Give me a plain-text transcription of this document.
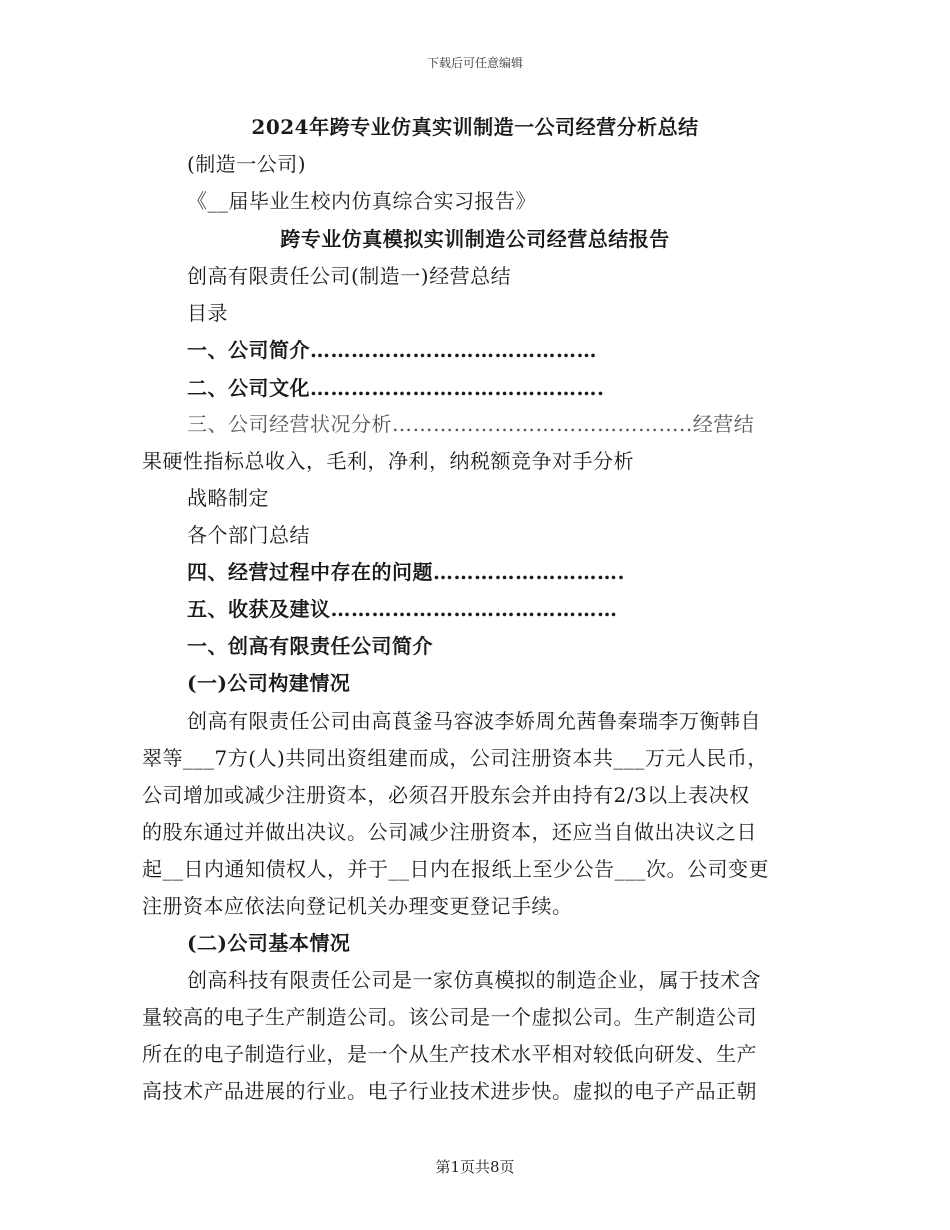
下载后可任意编辑
2024年跨专业仿真实训制造一公司经营分析总结
(制造一公司)
《__届毕业生校内仿真综合实习报告》
跨专业仿真模拟实训制造公司经营总结报告
创高有限责任公司(制造一)经营总结
目录
一、公司简介……………………………………
二、公司文化…………………………………….
三、公司经营状况分析……………………………………..经营结
果硬性指标总收入，毛利，净利，纳税额竞争对手分析
战略制定
各个部门总结
四、经营过程中存在的问题……………………….
五、收获及建议……………………………………
一、创高有限责任公司简介
(一)公司构建情况
创高有限责任公司由高莨釜马容波李娇周允茜鲁秦瑞李万衡韩自
翠等___7方(人)共同出资组建而成，公司注册资本共___万元人民币，
公司增加或减少注册资本，必须召开股东会并由持有2/3以上表决权
的股东通过并做出决议。公司减少注册资本，还应当自做出决议之日
起__日内通知债权人，并于__日内在报纸上至少公告___次。公司变更
注册资本应依法向登记机关办理变更登记手续。
(二)公司基本情况
创高科技有限责任公司是一家仿真模拟的制造企业，属于技术含
量较高的电子生产制造公司。该公司是一个虚拟公司。生产制造公司
所在的电子制造行业，是一个从生产技术水平相对较低向研发、生产
高技术产品进展的行业。电子行业技术进步快。虚拟的电子产品正朝
第1页共8页
